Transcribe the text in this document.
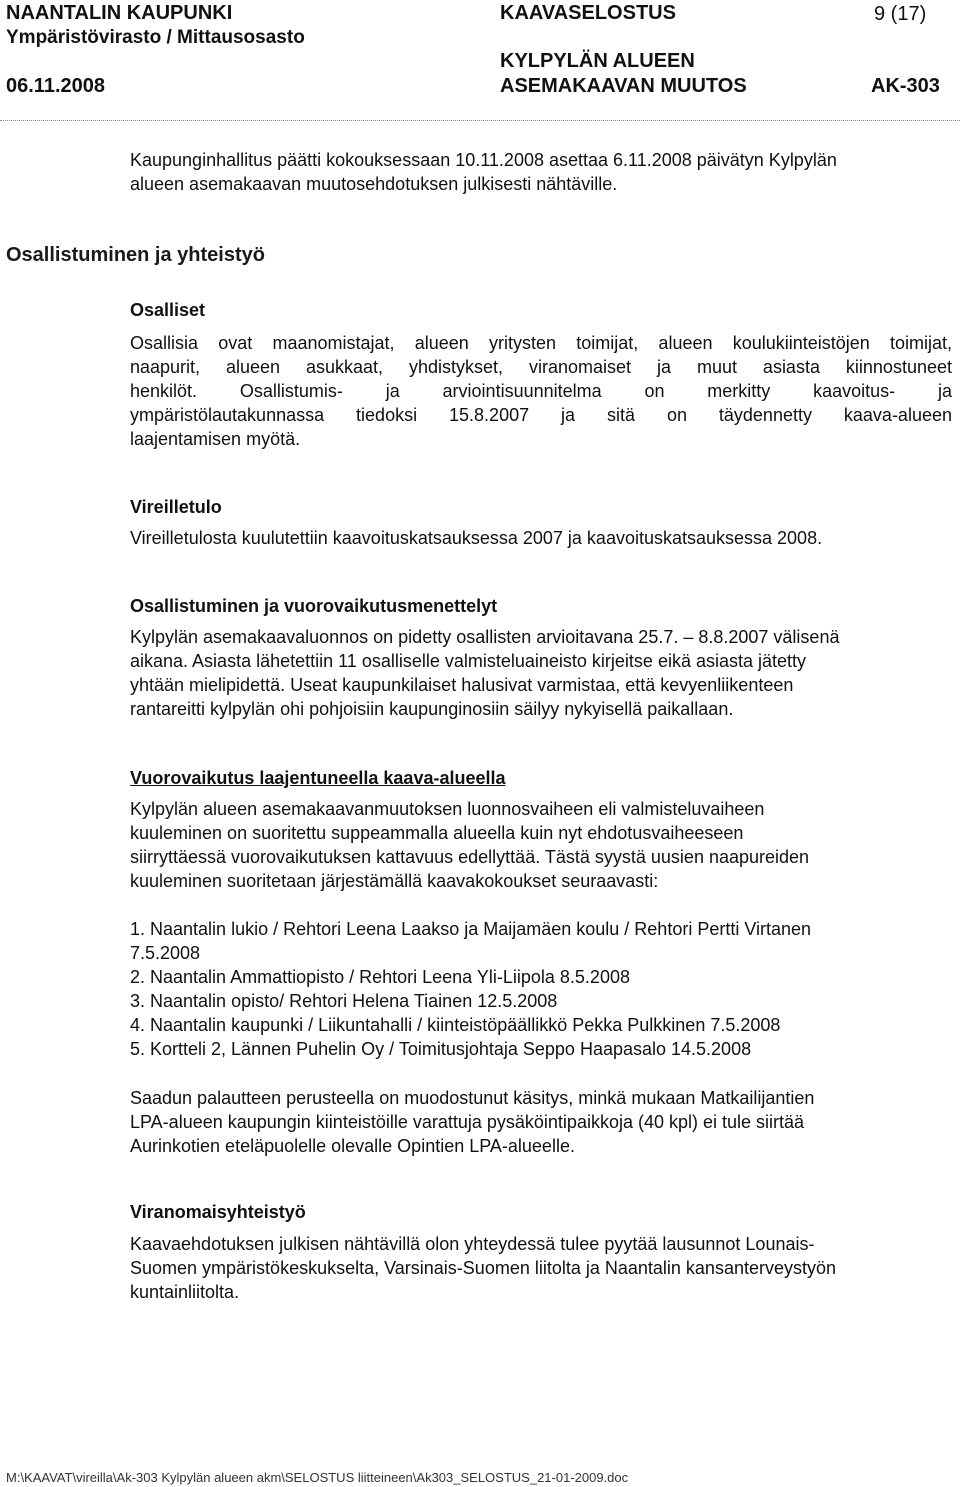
NAANTALIN KAUPUNKI	KAAVASELOSTUS	9 (17)
Ympäristövirasto / Mittausosasto
KYLPYLÄN ALUEEN
06.11.2008	ASEMAKAAVAN MUUTOS	AK-303

Kaupunginhallitus päätti kokouksessaan 10.11.2008 asettaa 6.11.2008 päivätyn Kylpylän

alueen asemakaavan muutosehdotuksen julkisesti nähtäville.

Osallistuminen ja yhteistyö
Osalliset

Osallisia ovat maanomistajat, alueen yritysten toimijat, alueen koulukiinteistöjen toimijat,

naapurit, alueen asukkaat, yhdistykset, viranomaiset ja muut asiasta kiinnostuneet

henkilöt. Osallistumis- ja arviointisuunnitelma on merkitty kaavoitus- ja

ympäristölautakunnassa tiedoksi 15.8.2007 ja sitä on täydennetty kaava-alueen

laajentamisen myötä.

Vireilletulo

Vireilletulosta kuulutettiin kaavoituskatsauksessa 2007 ja kaavoituskatsauksessa 2008.

Osallistuminen ja vuorovaikutusmenettelyt

Kylpylän asemakaavaluonnos on pidetty osallisten arvioitavana 25.7. – 8.8.2007 välisenä

aikana. Asiasta lähetettiin 11 osalliselle valmisteluaineisto kirjeitse eikä asiasta jätetty

yhtään mielipidettä. Useat kaupunkilaiset halusivat varmistaa, että kevyenliikenteen

rantareitti kylpylän ohi pohjoisiin kaupunginosiin säilyy nykyisellä paikallaan.

Vuorovaikutus laajentuneella kaava-alueella

Kylpylän alueen asemakaavanmuutoksen luonnosvaiheen eli valmisteluvaiheen

kuuleminen on suoritettu suppeammalla alueella kuin nyt ehdotusvaiheeseen

siirryttäessä vuorovaikutuksen kattavuus edellyttää. Tästä syystä uusien naapureiden

kuuleminen suoritetaan järjestämällä kaavakokoukset seuraavasti:

1. Naantalin lukio / Rehtori Leena Laakso ja Maijamäen koulu / Rehtori Pertti Virtanen

7.5.2008

2. Naantalin Ammattiopisto / Rehtori Leena Yli-Liipola 8.5.2008

3. Naantalin opisto/ Rehtori Helena Tiainen 12.5.2008

4. Naantalin kaupunki / Liikuntahalli / kiinteistöpäällikkö Pekka Pulkkinen 7.5.2008

5. Kortteli 2, Lännen Puhelin Oy / Toimitusjohtaja Seppo Haapasalo 14.5.2008

Saadun palautteen perusteella on muodostunut käsitys, minkä mukaan Matkailijantien

LPA-alueen kaupungin kiinteistöille varattuja pysäköintipaikkoja (40 kpl) ei tule siirtää

Aurinkotien eteläpuolelle olevalle Opintien LPA-alueelle.

Viranomaisyhteistyö

Kaavaehdotuksen julkisen nähtävillä olon yhteydessä tulee pyytää lausunnot Lounais-

Suomen ympäristökeskukselta, Varsinais-Suomen liitolta ja Naantalin kansanterveystyön

kuntainliitolta.

M:\KAAVAT\vireilla\Ak-303 Kylpylän alueen akm\SELOSTUS liitteineen\Ak303_SELOSTUS_21-01-2009.doc
